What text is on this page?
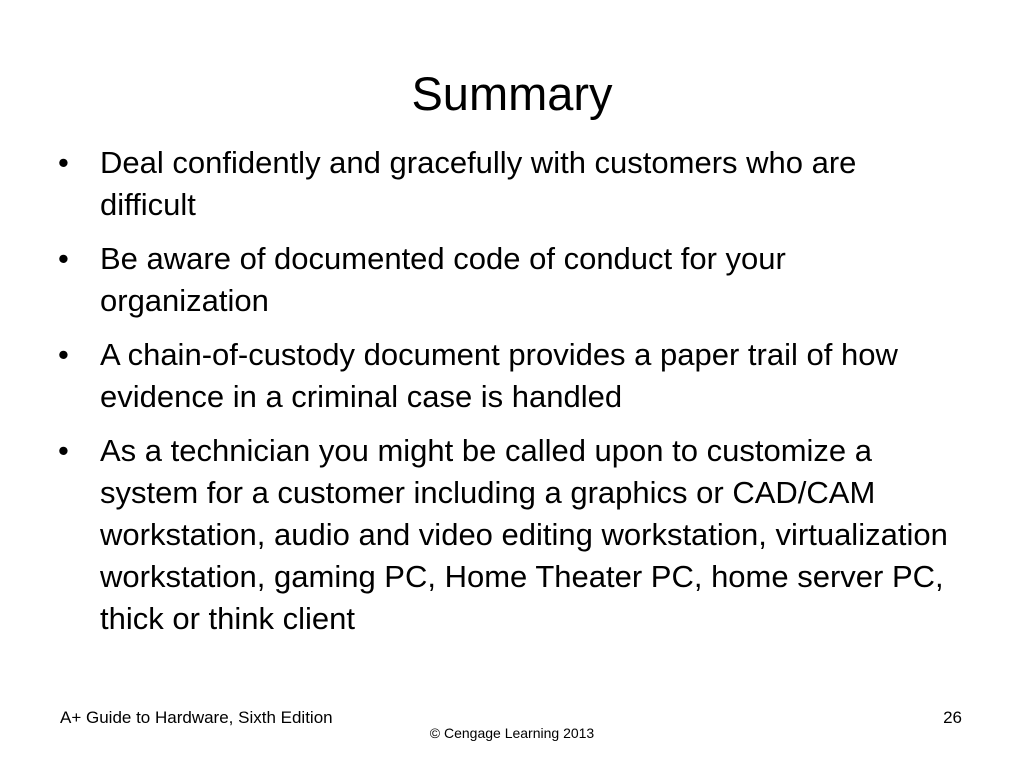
Summary
• Deal confidently and gracefully with customers who are difficult
• Be aware of documented code of conduct for your organization
• A chain-of-custody document provides a paper trail of how evidence in a criminal case is handled
• As a technician you might be called upon to customize a system for a customer including a graphics or CAD/CAM workstation, audio and video editing workstation, virtualization workstation, gaming PC, Home Theater PC, home server PC, thick or think client
A+ Guide to Hardware, Sixth Edition	26
© Cengage Learning 2013
